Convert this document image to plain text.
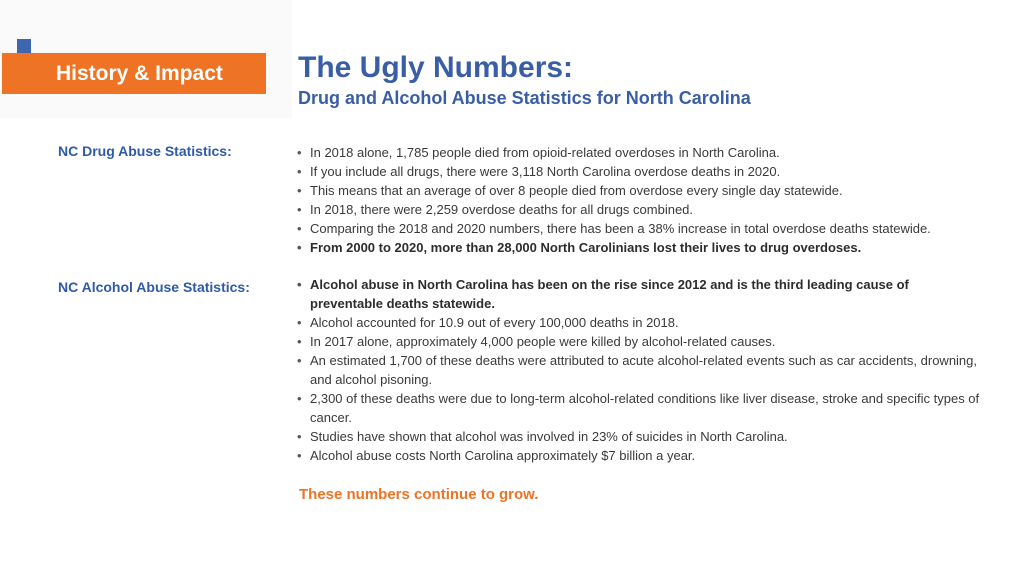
History & Impact	The Ugly Numbers:
Drug and Alcohol Abuse Statistics for North Carolina
NC Drug Abuse Statistics:	• In 2018 alone, 1,785 people died from opioid-related overdoses in North Carolina.
• If you include all drugs, there were 3,118 North Carolina overdose deaths in 2020.
• This means that an average of over 8 people died from overdose every single day statewide.
• In 2018, there were 2,259 overdose deaths for all drugs combined.
• Comparing the 2018 and 2020 numbers, there has been a 38% increase in total overdose deaths statewide.
• From 2000 to 2020, more than 28,000 North Carolinians lost their lives to drug overdoses.
NC Alcohol Abuse Statistics:	• Alcohol abuse in North Carolina has been on the rise since 2012 and is the third leading cause of preventable deaths statewide.
• Alcohol accounted for 10.9 out of every 100,000 deaths in 2018.
• In 2017 alone, approximately 4,000 people were killed by alcohol-related causes.
• An estimated 1,700 of these deaths were attributed to acute alcohol-related events such as car accidents, drowning, and alcohol pisoning.
• 2,300 of these deaths were due to long-term alcohol-related conditions like liver disease, stroke and specific types of cancer.
• Studies have shown that alcohol was involved in 23% of suicides in North Carolina.
• Alcohol abuse costs North Carolina approximately $7 billion a year.

These numbers continue to grow.
